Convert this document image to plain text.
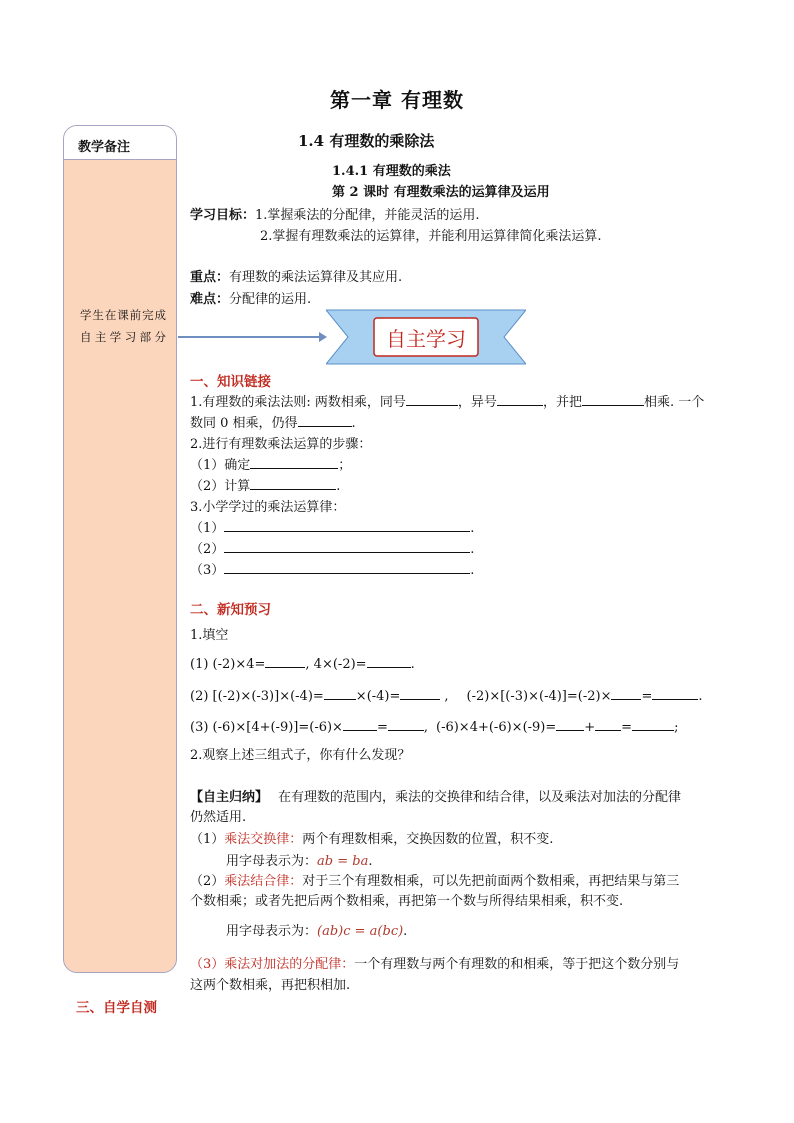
第一章 有理数
1.4 有理数的乘除法
1.4.1 有理数的乘法
第 2 课时 有理数乘法的运算律及运用
学习目标：1.掌握乘法的分配律，并能灵活的运用.
2.掌握有理数乘法的运算律，并能利用运算律简化乘法运算.
重点：有理数的乘法运算律及其应用.
难点：分配律的运用.
教学备注
学生在课前完成自主学习部分	自主学习
一、知识链接
1.有理数的乘法法则: 两数相乘，同号	，异号	，并把	相乘. 一个
数同 0 相乘，仍得	.
2.进行有理数乘法运算的步骤：
（1）确定	；
（2）计算	.
3.小学学过的乘法运算律：
（1）	.
（2）	.
（3）	.
二、新知预习
1.填空
(1) (-2)×4=	, 4×(-2)=	.
(2) [(-2)×(-3)]×(-4)= ×(-4)=	, (-2)×[(-3)×(-4)]=(-2)× =	.
(3) (-6)×[4+(-9)]=(-6)×	=	, (-6)×4+(-6)×(-9)= + =	;
2.观察上述三组式子，你有什么发现？
【自主归纳】 在有理数的范围内，乘法的交换律和结合律，以及乘法对加法的分配律
仍然适用.
（1）乘法交换律：两个有理数相乘，交换因数的位置，积不变.
用字母表示为：ab = ba.
（2）乘法结合律：对于三个有理数相乘，可以先把前面两个数相乘，再把结果与第三
个数相乘；或者先把后两个数相乘，再把第一个数与所得结果相乘，积不变.
用字母表示为：(ab)c = a(bc).
（3）乘法对加法的分配律：一个有理数与两个有理数的和相乘，等于把这个数分别与
这两个数相乘，再把积相加.
三、自学自测
